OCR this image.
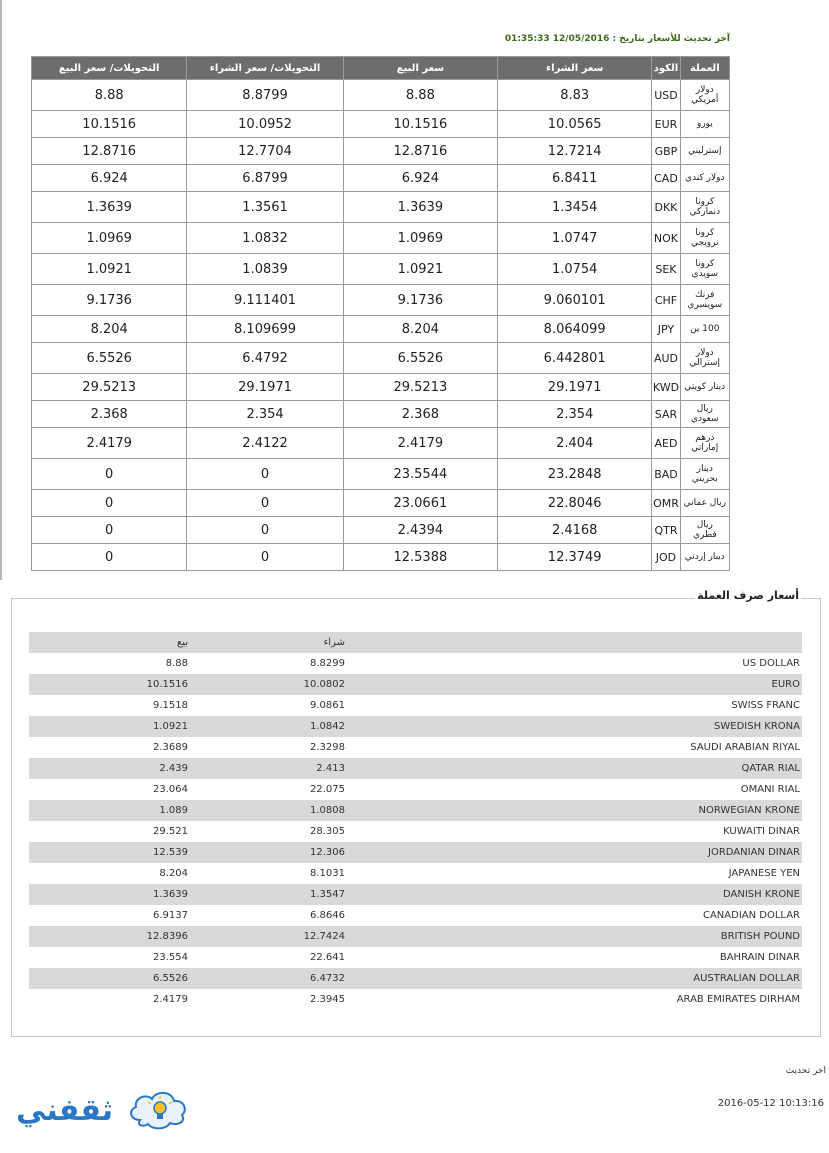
آخر تحديث للأسعار بتاريخ : 12/05/2016 01:35:33
العملة	الكود	سعر الشراء	سعر البيع	التحويلات/ سعر الشراء	التحويلات/ سعر البيع
دولار أمريكي	USD	8.83	8.88	8.8799	8.88
يورو	EUR	10.0565	10.1516	10.0952	10.1516
إسترليني	GBP	12.7214	12.8716	12.7704	12.8716
دولار كندي	CAD	6.8411	6.924	6.8799	6.924
كرونا دنماركي	DKK	1.3454	1.3639	1.3561	1.3639
كرونا نرويجي	NOK	1.0747	1.0969	1.0832	1.0969
كرونا سويدي	SEK	1.0754	1.0921	1.0839	1.0921
فرنك سويسري	CHF	9.060101	9.1736	9.111401	9.1736
100 ين	JPY	8.064099	8.204	8.109699	8.204
دولار إسترالي	AUD	6.442801	6.5526	6.4792	6.5526
دينار كويتي	KWD	29.1971	29.5213	29.1971	29.5213
ريال سعودي	SAR	2.354	2.368	2.354	2.368
درهم إماراتي	AED	2.404	2.4179	2.4122	2.4179
دينار بحريني	BAD	23.2848	23.5544	0	0
ريال عماني	OMR	22.8046	23.0661	0	0
ريال قطري	QTR	2.4168	2.4394	0	0
دينار إردني	JOD	12.3749	12.5388	0	0
أسعار صرف العملة
بيع	شراء	
8.88	8.8299	US DOLLAR
10.1516	10.0802	EURO
9.1518	9.0861	SWISS FRANC
1.0921	1.0842	SWEDISH KRONA
2.3689	2.3298	SAUDI ARABIAN RIYAL
2.439	2.413	QATAR RIAL
23.064	22.075	OMANI RIAL
1.089	1.0808	NORWEGIAN KRONE
29.521	28.305	KUWAITI DINAR
12.539	12.306	JORDANIAN DINAR
8.204	8.1031	JAPANESE YEN
1.3639	1.3547	DANISH KRONE
6.9137	6.8646	CANADIAN DOLLAR
12.8396	12.7424	BRITISH POUND
23.554	22.641	BAHRAIN DINAR
6.5526	6.4732	AUSTRALIAN DOLLAR
2.4179	2.3945	ARAB EMIRATES DIRHAM
اخر تحديث
2016-05-12 10:13:16
ثقفني
